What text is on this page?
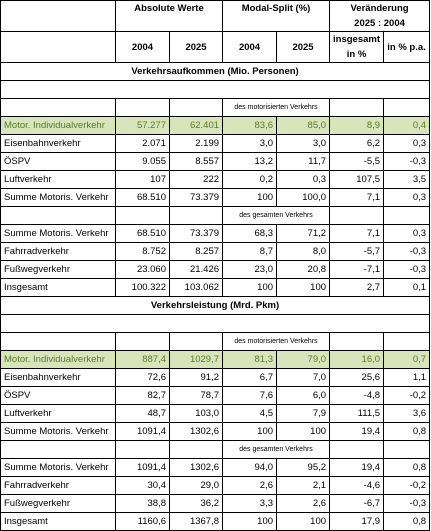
	Absolute Werte		Modal-Split (%)		Veränderung
2025 : 2004	
	2004	2025	2004	2025	insgesamt in %	in % p.a.
Verkehrsaufkommen (Mio. Personen)						

			des motorisierten Verkehrs			
Motor. Individualverkehr	57.277	62.401	83,6	85,0	8,9	0,4
Eisenbahnverkehr	2.071	2.199	3,0	3,0	6,2	0,3
ÖSPV	9.055	8.557	13,2	11,7	-5,5	-0,3
Luftverkehr	107	222	0,2	0,3	107,5	3,5
Summe Motoris. Verkehr	68.510	73.379	100	100,0	7,1	0,3
			des gesamten Verkehrs			
Summe Motoris. Verkehr	68.510	73.379	68,3	71,2	7,1	0,3
Fahrradverkehr	8.752	8.257	8,7	8,0	-5,7	-0,3
Fußwegverkehr	23.060	21.426	23,0	20,8	-7,1	-0,3
Insgesamt	100.322	103.062	100	100	2,7	0,1
Verkehrsleistung (Mrd. Pkm)						

			des motorisierten Verkehrs			
Motor. Individualverkehr	887,4	1029,7	81,3	79,0	16,0	0,7
Eisenbahnverkehr	72,6	91,2	6,7	7,0	25,6	1,1
ÖSPV	82,7	78,7	7,6	6,0	-4,8	-0,2
Luftverkehr	48,7	103,0	4,5	7,9	111,5	3,6
Summe Motoris. Verkehr	1091,4	1302,6	100	100	19,4	0,8
			des gesamten Verkehrs			
Summe Motoris. Verkehr	1091,4	1302,6	94,0	95,2	19,4	0,8
Fahrradverkehr	30,4	29,0	2,6	2,1	-4,6	-0,2
Fußwegverkehr	38,8	36,2	3,3	2,6	-6,7	-0,3
Insgesamt	1160,6	1367,8	100	100	17,9	0,8
